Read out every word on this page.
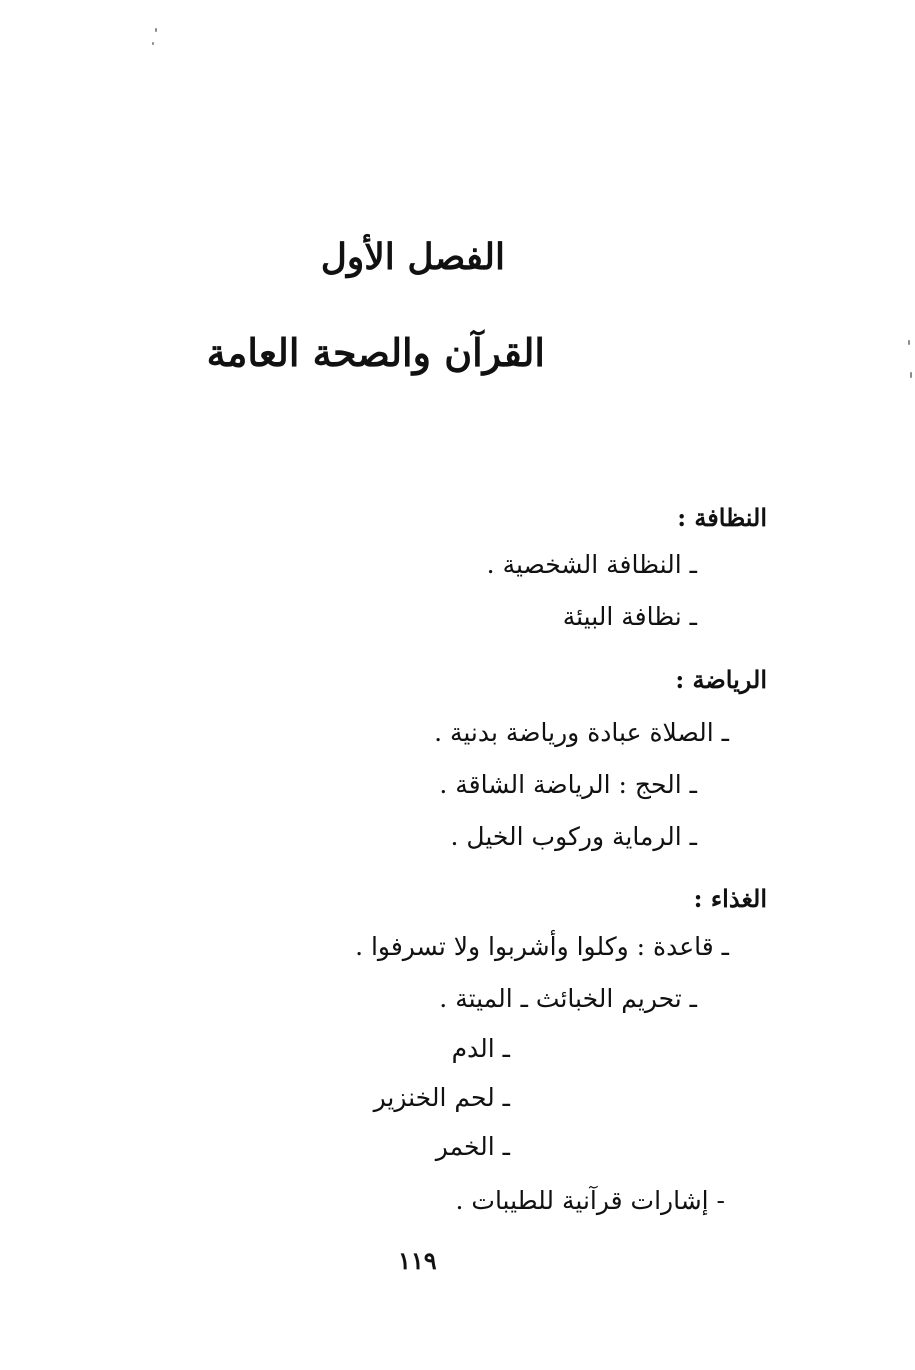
الفصل الأول
القرآن والصحة العامة
النظافة :
ـ النظافة الشخصية .
ـ نظافة البيئة
الرياضة :
ـ الصلاة عبادة ورياضة بدنية .
ـ الحج : الرياضة الشاقة .
ـ الرماية وركوب الخيل .
الغذاء :
ـ قاعدة : وكلوا وأشربوا ولا تسرفوا .
ـ تحريم الخبائث ـ الميتة .
ـ الدم
ـ لحم الخنزير
ـ الخمر
- إشارات قرآنية للطيبات .
١١٩
